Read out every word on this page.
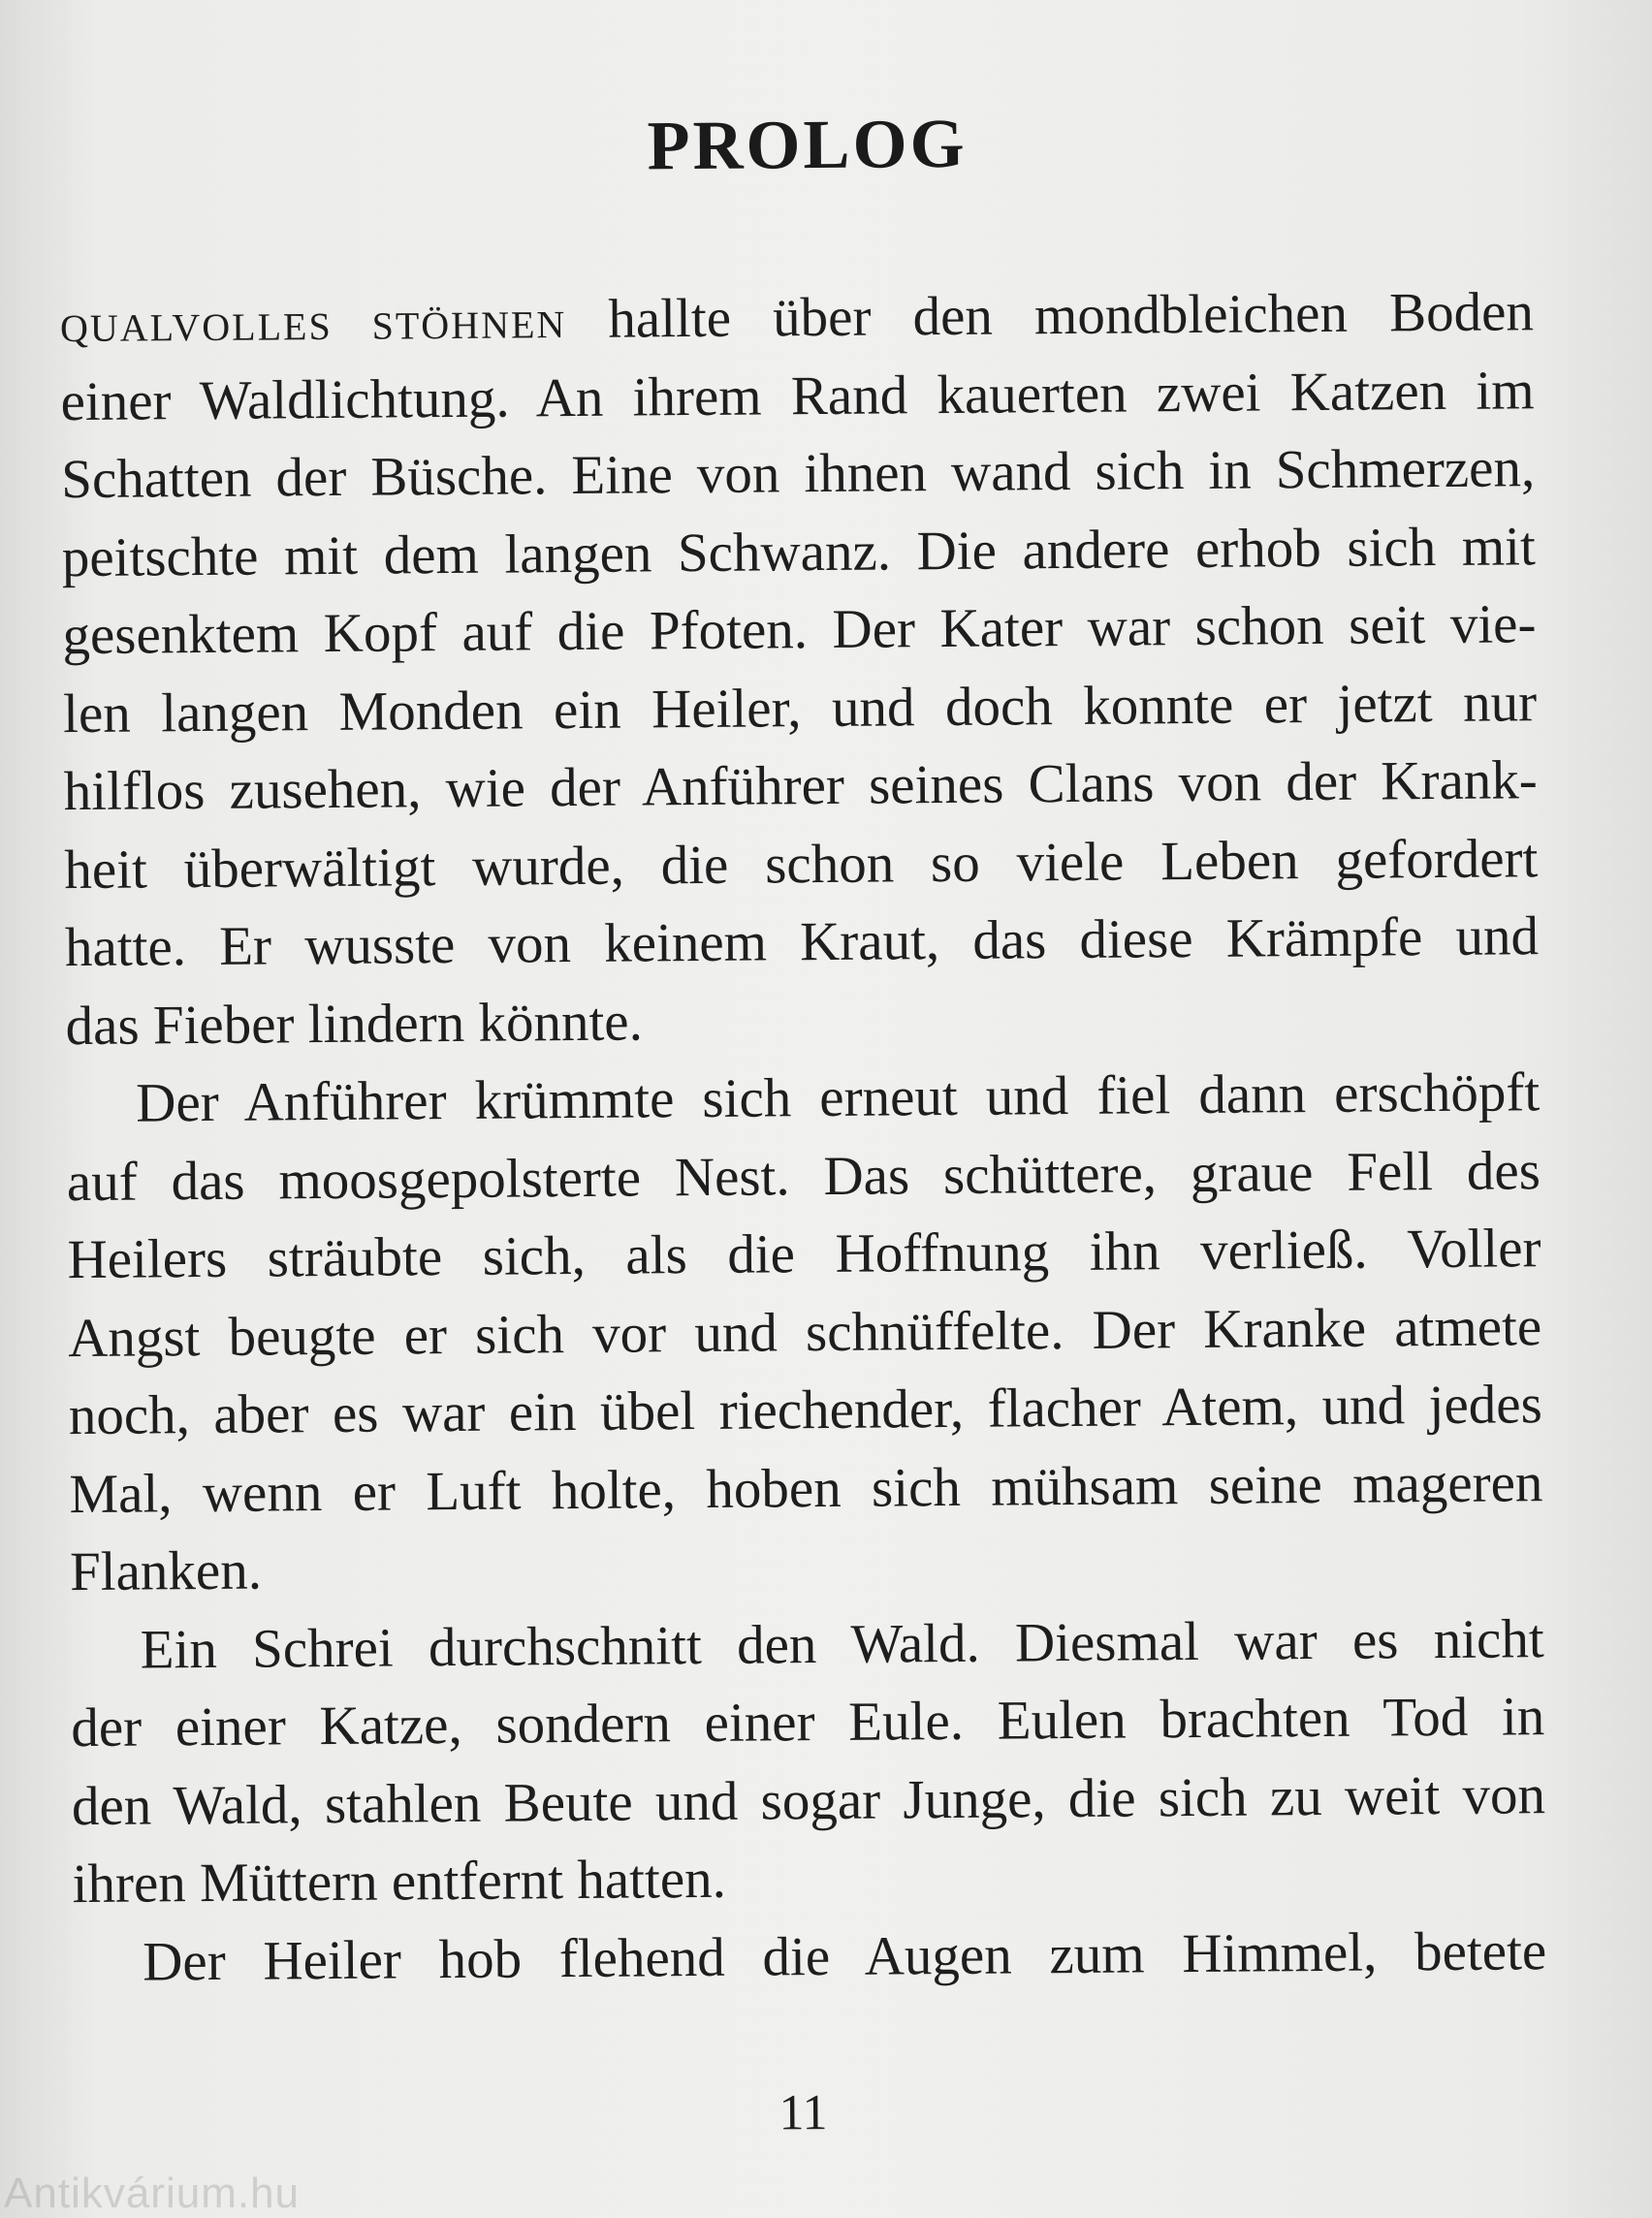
PROLOG
QUALVOLLES STÖHNEN hallte über den mondbleichen Boden
einer Waldlichtung. An ihrem Rand kauerten zwei Katzen im
Schatten der Büsche. Eine von ihnen wand sich in Schmerzen,
peitschte mit dem langen Schwanz. Die andere erhob sich mit
gesenktem Kopf auf die Pfoten. Der Kater war schon seit vie-
len langen Monden ein Heiler, und doch konnte er jetzt nur
hilflos zusehen, wie der Anführer seines Clans von der Krank-
heit überwältigt wurde, die schon so viele Leben gefordert
hatte. Er wusste von keinem Kraut, das diese Krämpfe und
das Fieber lindern könnte.
Der Anführer krümmte sich erneut und fiel dann erschöpft
auf das moosgepolsterte Nest. Das schüttere, graue Fell des
Heilers sträubte sich, als die Hoffnung ihn verließ. Voller
Angst beugte er sich vor und schnüffelte. Der Kranke atmete
noch, aber es war ein übel riechender, flacher Atem, und jedes
Mal, wenn er Luft holte, hoben sich mühsam seine mageren
Flanken.
Ein Schrei durchschnitt den Wald. Diesmal war es nicht
der einer Katze, sondern einer Eule. Eulen brachten Tod in
den Wald, stahlen Beute und sogar Junge, die sich zu weit von
ihren Müttern entfernt hatten.
Der Heiler hob flehend die Augen zum Himmel, betete
11
Antikvárium.hu
